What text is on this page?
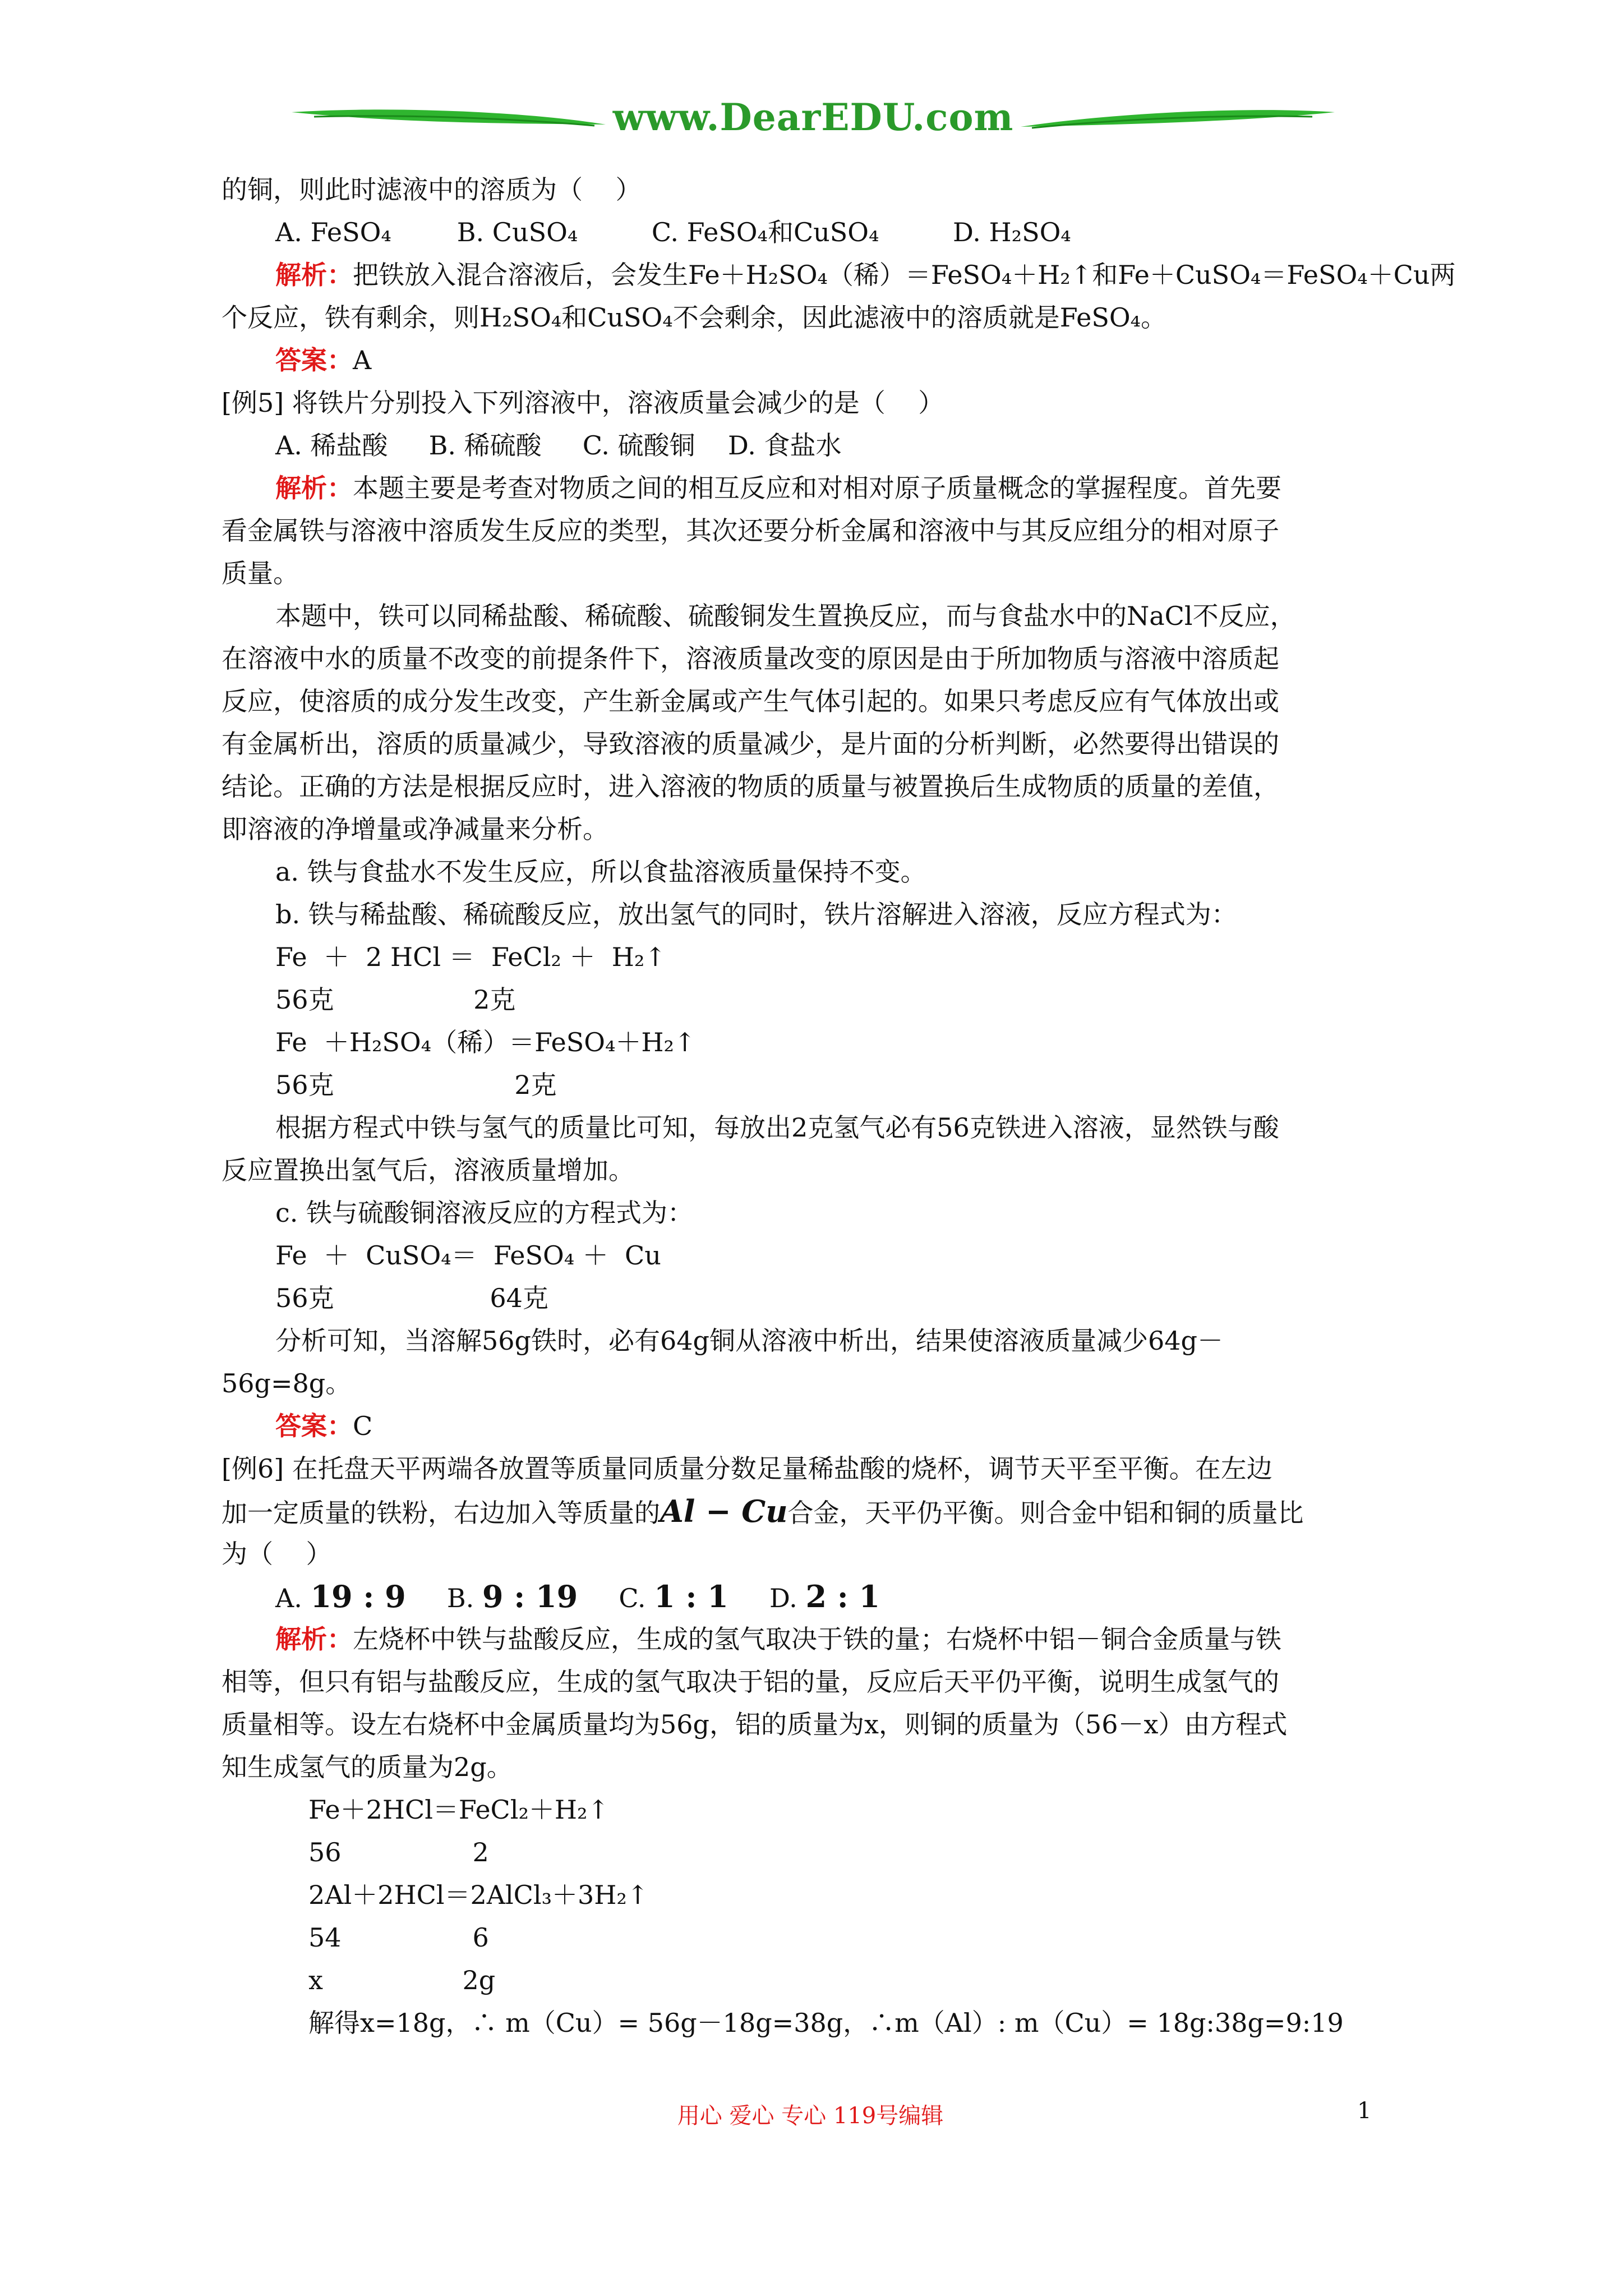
www.DearEDU.com

的铜，则此时滤液中的溶质为（    ）

A. FeSO₄        B. CuSO₄         C. FeSO₄和CuSO₄         D. H₂SO₄

解析：把铁放入混合溶液后，会发生Fe＋H₂SO₄（稀）＝FeSO₄＋H₂↑和Fe＋CuSO₄＝FeSO₄＋Cu两

个反应，铁有剩余，则H₂SO₄和CuSO₄不会剩余，因此滤液中的溶质就是FeSO₄。

答案：A

[例5] 将铁片分别投入下列溶液中，溶液质量会减少的是（    ）

A. 稀盐酸     B. 稀硫酸     C. 硫酸铜    D. 食盐水

解析：本题主要是考查对物质之间的相互反应和对相对原子质量概念的掌握程度。首先要

看金属铁与溶液中溶质发生反应的类型，其次还要分析金属和溶液中与其反应组分的相对原子

质量。

本题中，铁可以同稀盐酸、稀硫酸、硫酸铜发生置换反应，而与食盐水中的NaCl不反应，

在溶液中水的质量不改变的前提条件下，溶液质量改变的原因是由于所加物质与溶液中溶质起

反应，使溶质的成分发生改变，产生新金属或产生气体引起的。如果只考虑反应有气体放出或

有金属析出，溶质的质量减少，导致溶液的质量减少，是片面的分析判断，必然要得出错误的

结论。正确的方法是根据反应时，进入溶液的物质的质量与被置换后生成物质的质量的差值，

即溶液的净增量或净减量来分析。

a. 铁与食盐水不发生反应，所以食盐溶液质量保持不变。

b. 铁与稀盐酸、稀硫酸反应，放出氢气的同时，铁片溶解进入溶液，反应方程式为：

Fe  ＋  2 HCl ＝  FeCl₂ ＋  H₂↑

56克                 2克

Fe  ＋H₂SO₄（稀）＝FeSO₄＋H₂↑

56克                      2克

根据方程式中铁与氢气的质量比可知，每放出2克氢气必有56克铁进入溶液，显然铁与酸

反应置换出氢气后，溶液质量增加。

c. 铁与硫酸铜溶液反应的方程式为：

Fe  ＋  CuSO₄＝  FeSO₄ ＋  Cu

56克                   64克

分析可知，当溶解56g铁时，必有64g铜从溶液中析出，结果使溶液质量减少64g－

56g=8g。

答案：C

[例6] 在托盘天平两端各放置等质量同质量分数足量稀盐酸的烧杯，调节天平至平衡。在左边

加一定质量的铁粉，右边加入等质量的Al − Cu合金，天平仍平衡。则合金中铝和铜的质量比

为（    ）

A. 19 : 9 B. 9 : 19 C. 1 : 1 D. 2 : 1

解析：左烧杯中铁与盐酸反应，生成的氢气取决于铁的量；右烧杯中铝－铜合金质量与铁

相等，但只有铝与盐酸反应，生成的氢气取决于铝的量，反应后天平仍平衡，说明生成氢气的

质量相等。设左右烧杯中金属质量均为56g，铝的质量为x，则铜的质量为（56－x）由方程式

知生成氢气的质量为2g。

Fe＋2HCl＝FeCl₂＋H₂↑

56                2

2Al＋2HCl＝2AlCl₃＋3H₂↑

54                6

x                 2g

解得x=18g，∴ m（Cu）= 56g－18g=38g，∴m（Al）: m（Cu）= 18g:38g=9:19

用心 爱心 专心 119号编辑	1
